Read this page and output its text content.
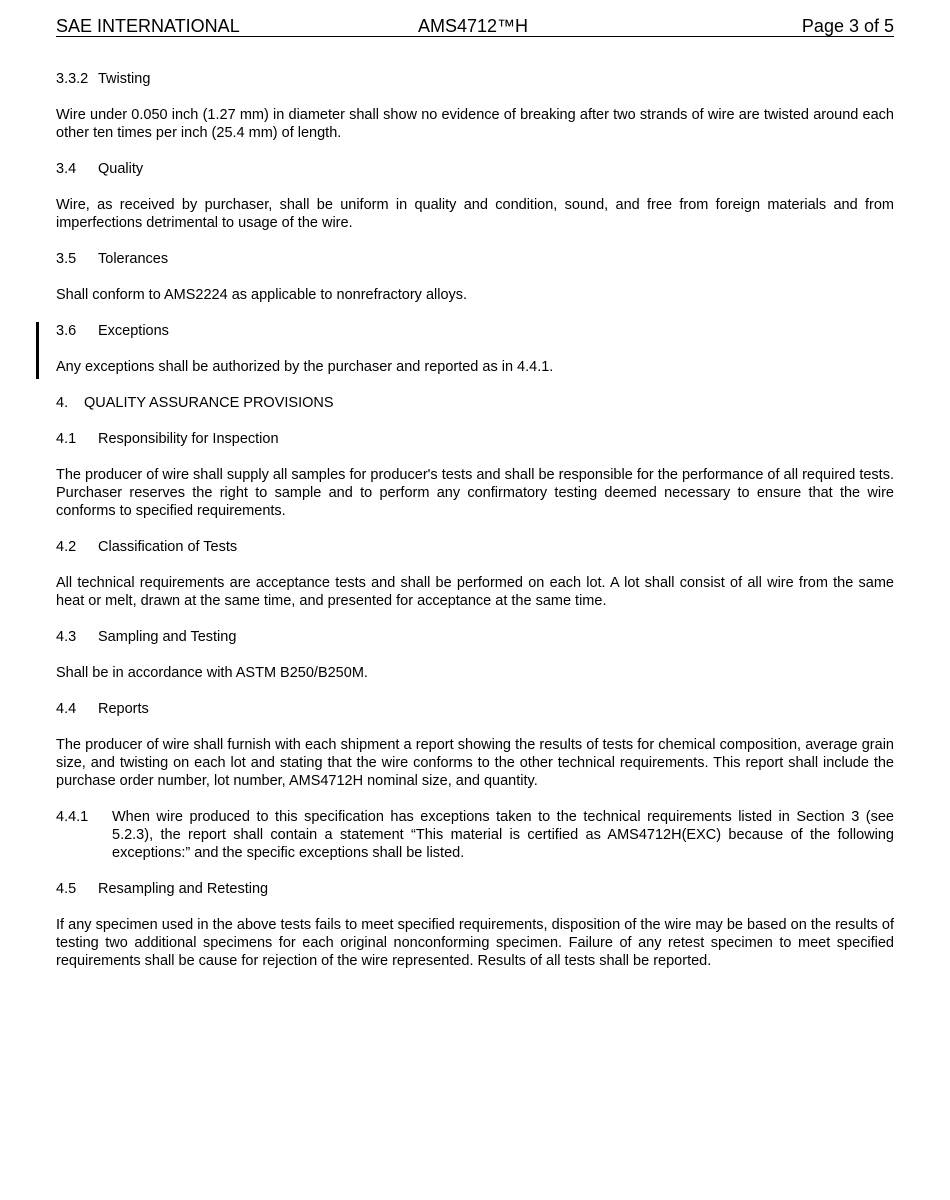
SAE INTERNATIONAL	AMS4712™H	Page 3 of 5
3.3.2 Twisting

Wire under 0.050 inch (1.27 mm) in diameter shall show no evidence of breaking after two strands of wire are twisted around each other ten times per inch (25.4 mm) of length.

3.4 Quality

Wire, as received by purchaser, shall be uniform in quality and condition, sound, and free from foreign materials and from imperfections detrimental to usage of the wire.

3.5 Tolerances

Shall conform to AMS2224 as applicable to nonrefractory alloys.

3.6 Exceptions

Any exceptions shall be authorized by the purchaser and reported as in 4.4.1.

4. QUALITY ASSURANCE PROVISIONS
4.1 Responsibility for Inspection

The producer of wire shall supply all samples for producer's tests and shall be responsible for the performance of all required tests. Purchaser reserves the right to sample and to perform any confirmatory testing deemed necessary to ensure that the wire conforms to specified requirements.

4.2 Classification of Tests

All technical requirements are acceptance tests and shall be performed on each lot. A lot shall consist of all wire from the same heat or melt, drawn at the same time, and presented for acceptance at the same time.

4.3 Sampling and Testing

Shall be in accordance with ASTM B250/B250M.

4.4 Reports

The producer of wire shall furnish with each shipment a report showing the results of tests for chemical composition, average grain size, and twisting on each lot and stating that the wire conforms to the other technical requirements. This report shall include the purchase order number, lot number, AMS4712H nominal size, and quantity.

4.4.1 When wire produced to this specification has exceptions taken to the technical requirements listed in Section 3 (see 5.2.3), the report shall contain a statement “This material is certified as AMS4712H(EXC) because of the following exceptions:” and the specific exceptions shall be listed.
4.5 Resampling and Retesting

If any specimen used in the above tests fails to meet specified requirements, disposition of the wire may be based on the results of testing two additional specimens for each original nonconforming specimen. Failure of any retest specimen to meet specified requirements shall be cause for rejection of the wire represented. Results of all tests shall be reported.
